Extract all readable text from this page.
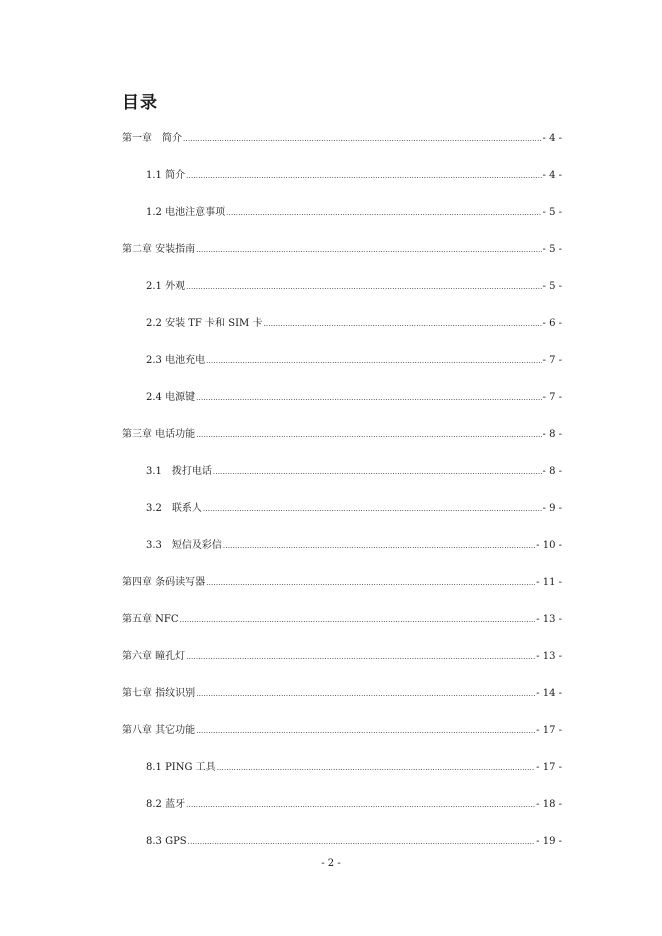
目录
第一章　简介 .....	- 4 -
1.1 简介 .....	- 4 -
1.2 电池注意事项 .....	- 5 -
第二章 安装指南 .....	- 5 -
2.1 外观 .....	- 5 -
2.2 安装 TF 卡和 SIM 卡 .....	- 6 -
2.3 电池充电 .....	- 7 -
2.4 电源键 .....	- 7 -
第三章 电话功能 .....	- 8 -
3.1　拨打电话 .....	- 8 -
3.2　联系人 .....	- 9 -
3.3　短信及彩信 .....	- 10 -
第四章 条码读写器 .....	- 11 -
第五章 NFC .....	- 13 -
第六章 瞳孔灯 .....	- 13 -
第七章 指纹识别 .....	- 14 -
第八章 其它功能 .....	- 17 -
8.1 PING 工具 .....	- 17 -
8.2 蓝牙 .....	- 18 -
8.3 GPS .....	- 19 -
- 2 -
